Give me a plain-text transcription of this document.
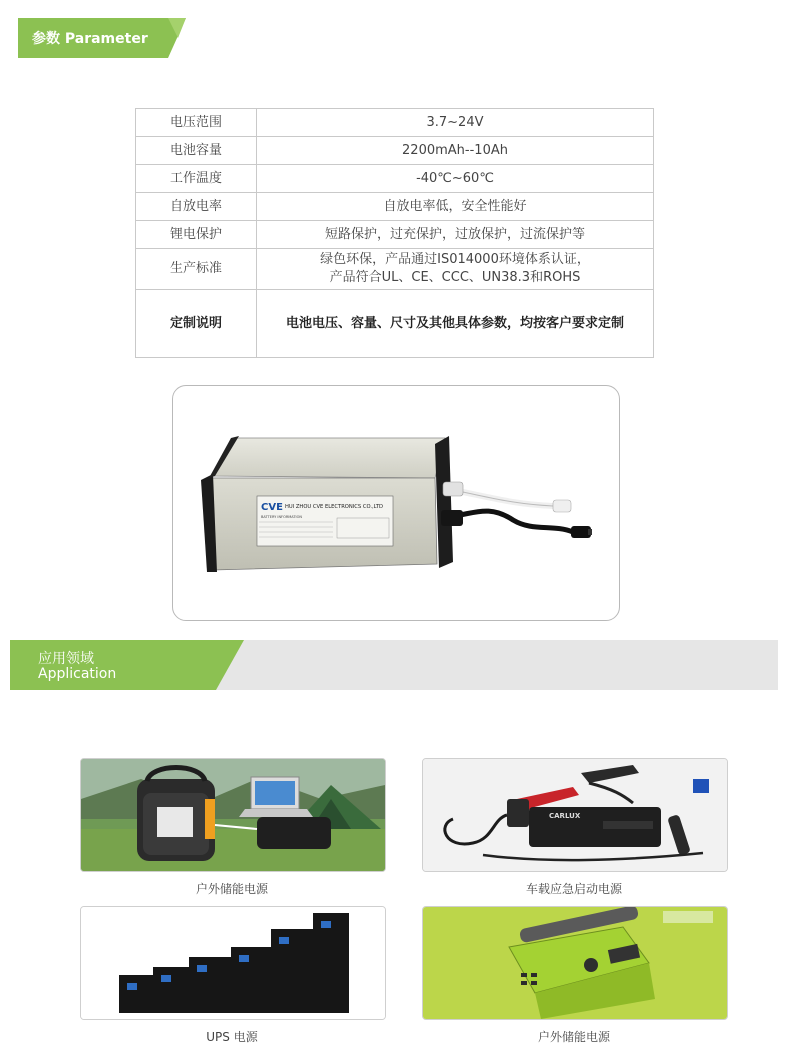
参数 Parameter
电压范围	3.7~24V
电池容量	2200mAh--10Ah
工作温度	-40℃~60℃
自放电率	自放电率低，安全性能好
锂电保护	短路保护，过充保护，过放保护，过流保护等
生产标准	绿色环保，产品通过IS014000环境体系认证，
产品符合UL、CE、CCC、UN38.3和ROHS

定制说明	电池电压、容量、尺寸及其他具体参数，均按客户要求定制
CVE HUI ZHOU CVE ELECTRONICS CO.,LTD
BATTERY INFORMATION
应用领域
Application
户外储能电源
CARLUX
车载应急启动电源
UPS 电源	户外储能电源
